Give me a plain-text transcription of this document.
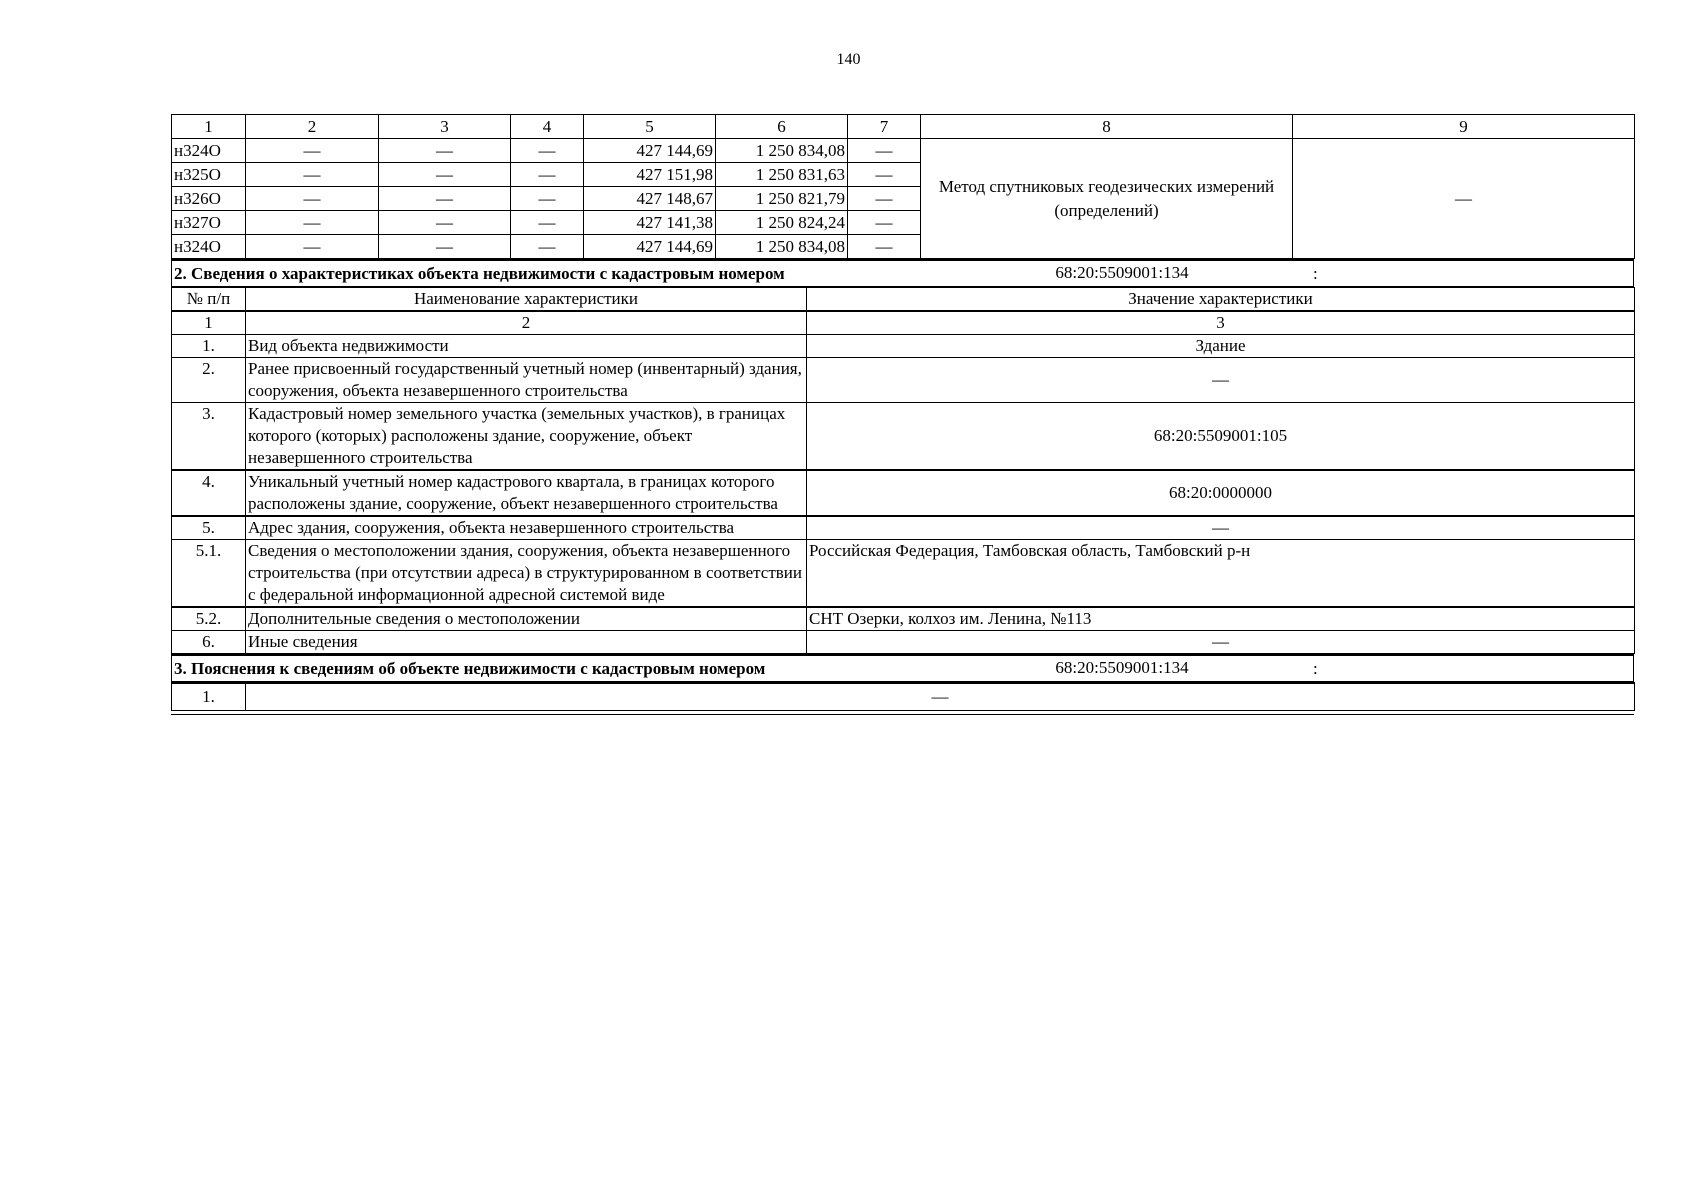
140
1	2	3	4	5	6	7	8	9
н324О	—	—	—	427 144,69	1 250 834,08	—	Метод спутниковых геодезических измерений (определений)	—
н325О	—	—	—	427 151,98	1 250 831,63	—		
н326О	—	—	—	427 148,67	1 250 821,79	—		
н327О	—	—	—	427 141,38	1 250 824,24	—		
н324О	—	—	—	427 144,69	1 250 834,08	—		
2. Сведения о характеристиках объекта недвижимости с кадастровым номером	68:20:5509001:134	:
№ п/п	Наименование характеристики	Значение характеристики
1	2	3
1.	Вид объекта недвижимости	Здание
2.	Ранее присвоенный государственный учетный номер (инвентарный) здания, сооружения, объекта незавершенного строительства	—
3.	Кадастровый номер земельного участка (земельных участков), в границах которого (которых) расположены здание, сооружение, объект незавершенного строительства	68:20:5509001:105
4.	Уникальный учетный номер кадастрового квартала, в границах которого расположены здание, сооружение, объект незавершенного строительства	68:20:0000000
5.	Адрес здания, сооружения, объекта незавершенного строительства	—
5.1.	Сведения о местоположении здания, сооружения, объекта незавершенного строительства (при отсутствии адреса) в структурированном в соответствии с федеральной информационной адресной системой виде	Российская Федерация, Тамбовская область, Тамбовский р-н
5.2.	Дополнительные сведения о местоположении	СНТ Озерки, колхоз им. Ленина, №113
6.	Иные сведения	—
3. Пояснения к сведениям об объекте недвижимости с кадастровым номером	68:20:5509001:134	:
1.	—
